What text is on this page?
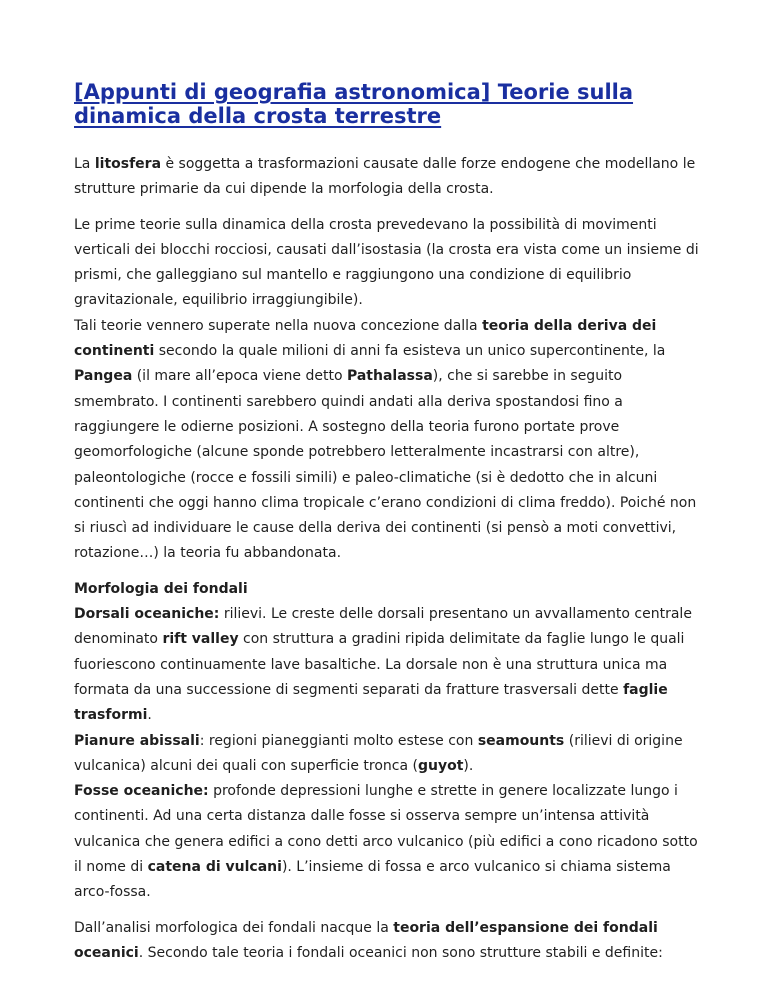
[Appunti di geografia astronomica] Teorie sulla dinamica della crosta terrestre

La litosfera è soggetta a trasformazioni causate dalle forze endogene che modellano le strutture primarie da cui dipende la morfologia della crosta.

Le prime teorie sulla dinamica della crosta prevedevano la possibilità di movimenti verticali dei blocchi rocciosi, causati dall’isostasia (la crosta era vista come un insieme di prismi, che galleggiano sul mantello e raggiungono una condizione di equilibrio gravitazionale, equilibrio irraggiungibile).

Tali teorie vennero superate nella nuova concezione dalla teoria della deriva dei continenti secondo la quale milioni di anni fa esisteva un unico supercontinente, la Pangea (il mare all’epoca viene detto Pathalassa), che si sarebbe in seguito smembrato. I continenti sarebbero quindi andati alla deriva spostandosi fino a raggiungere le odierne posizioni. A sostegno della teoria furono portate prove geomorfologiche (alcune sponde potrebbero letteralmente incastrarsi con altre), paleontologiche (rocce e fossili simili) e paleo-climatiche (si è dedotto che in alcuni continenti che oggi hanno clima tropicale c’erano condizioni di clima freddo). Poiché non si riuscì ad individuare le cause della deriva dei continenti (si pensò a moti convettivi, rotazione…) la teoria fu abbandonata.

Morfologia dei fondali
Dorsali oceaniche: rilievi. Le creste delle dorsali presentano un avvallamento centrale denominato rift valley con struttura a gradini ripida delimitate da faglie lungo le quali fuoriescono continuamente lave basaltiche. La dorsale non è una struttura unica ma formata da una successione di segmenti separati da fratture trasversali dette faglie trasformi.
Pianure abissali: regioni pianeggianti molto estese con seamounts (rilievi di origine vulcanica) alcuni dei quali con superficie tronca (guyot).
Fosse oceaniche: profonde depressioni lunghe e strette in genere localizzate lungo i continenti. Ad una certa distanza dalle fosse si osserva sempre un’intensa attività vulcanica che genera edifici a cono detti arco vulcanico (più edifici a cono ricadono sotto il nome di catena di vulcani). L’insieme di fossa e arco vulcanico si chiama sistema arco-fossa.

Dall’analisi morfologica dei fondali nacque la teoria dell’espansione dei fondali oceanici. Secondo tale teoria i fondali oceanici non sono strutture stabili e definite:
